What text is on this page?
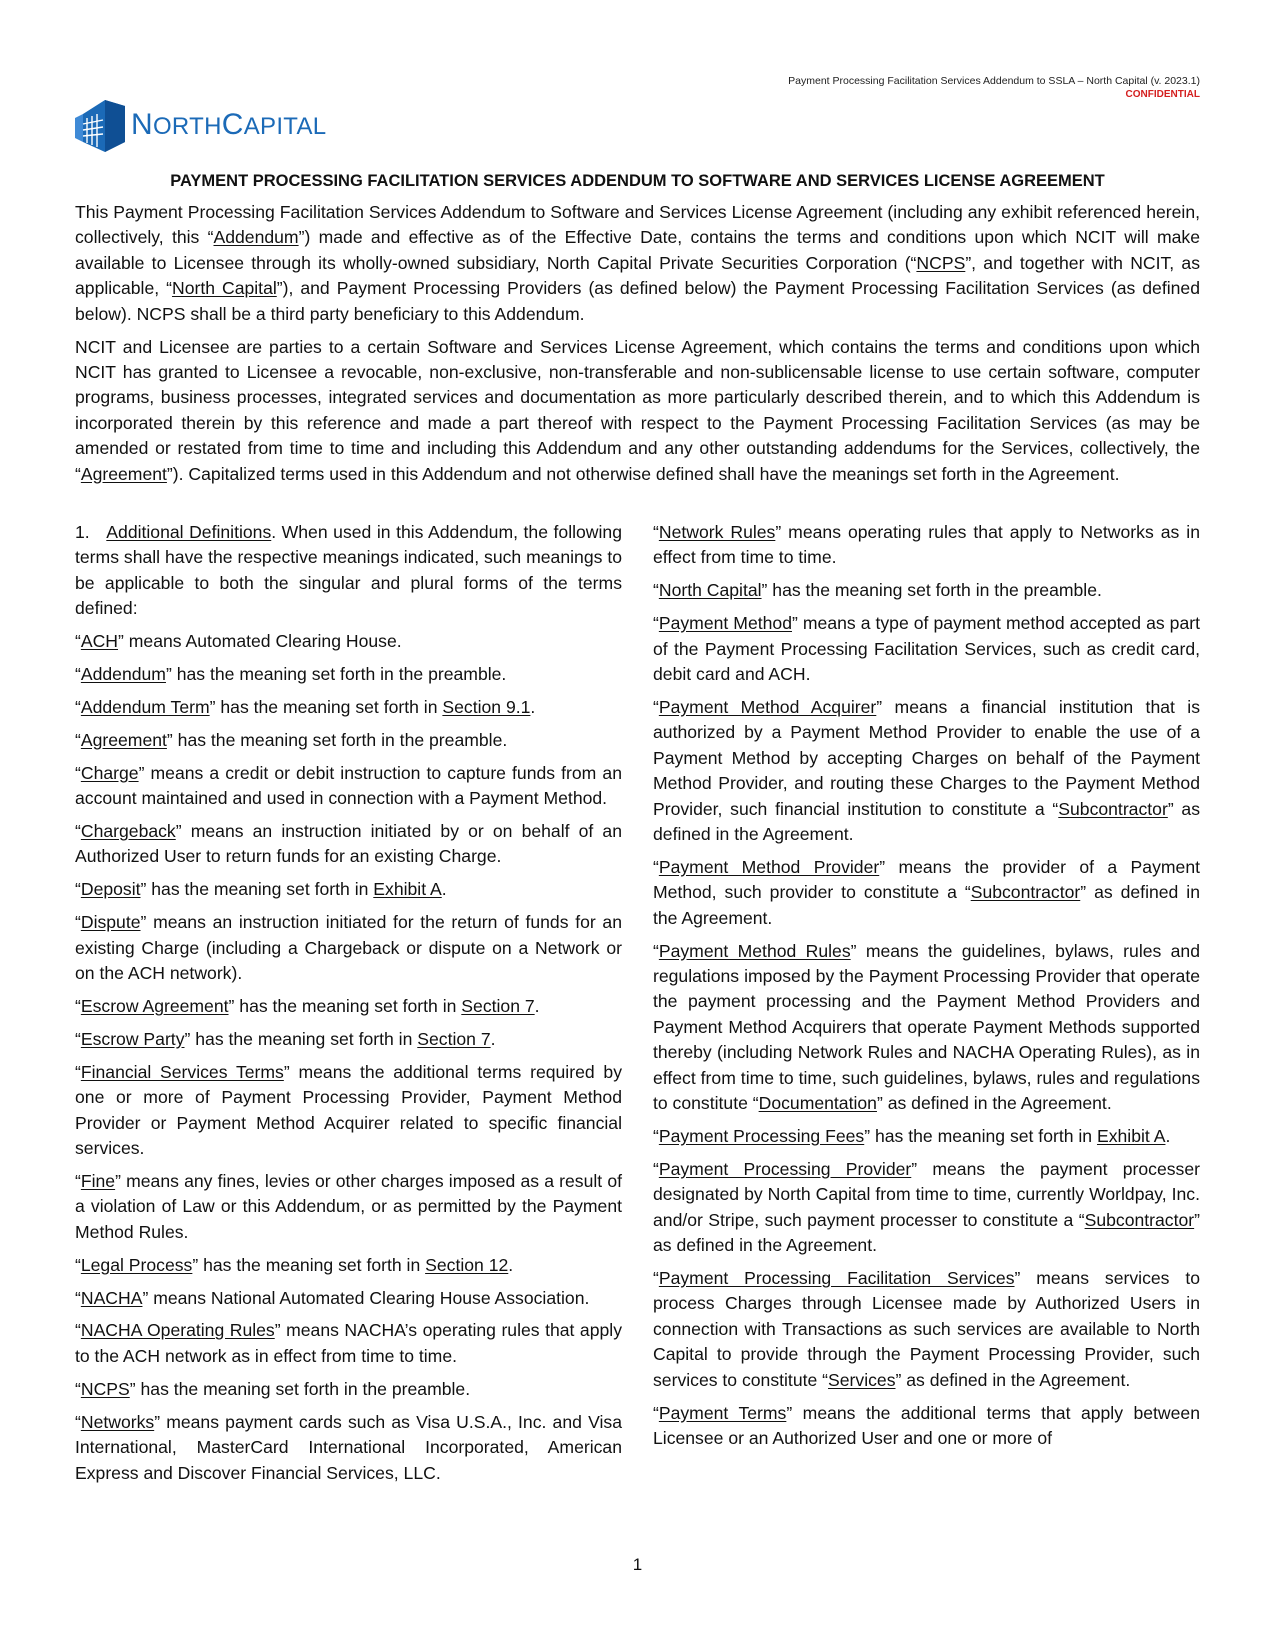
Payment Processing Facilitation Services Addendum to SSLA – North Capital (v. 2023.1)
CONFIDENTIAL
NORTHCAPITAL
PAYMENT PROCESSING FACILITATION SERVICES ADDENDUM TO SOFTWARE AND SERVICES LICENSE AGREEMENT

This Payment Processing Facilitation Services Addendum to Software and Services License Agreement (including any exhibit referenced herein, collectively, this “Addendum”) made and effective as of the Effective Date, contains the terms and conditions upon which NCIT will make available to Licensee through its wholly-owned subsidiary, North Capital Private Securities Corporation (“NCPS”, and together with NCIT, as applicable, “North Capital”), and Payment Processing Providers (as defined below) the Payment Processing Facilitation Services (as defined below). NCPS shall be a third party beneficiary to this Addendum.

NCIT and Licensee are parties to a certain Software and Services License Agreement, which contains the terms and conditions upon which NCIT has granted to Licensee a revocable, non-exclusive, non-transferable and non-sublicensable license to use certain software, computer programs, business processes, integrated services and documentation as more particularly described therein, and to which this Addendum is incorporated therein by this reference and made a part thereof with respect to the Payment Processing Facilitation Services (as may be amended or restated from time to time and including this Addendum and any other outstanding addendums for the Services, collectively, the “Agreement”). Capitalized terms used in this Addendum and not otherwise defined shall have the meanings set forth in the Agreement.

1. Additional Definitions. When used in this Addendum, the following terms shall have the respective meanings indicated, such meanings to be applicable to both the singular and plural forms of the terms defined:

“ACH” means Automated Clearing House.

“Addendum” has the meaning set forth in the preamble.

“Addendum Term” has the meaning set forth in Section 9.1.

“Agreement” has the meaning set forth in the preamble.

“Charge” means a credit or debit instruction to capture funds from an account maintained and used in connection with a Payment Method.

“Chargeback” means an instruction initiated by or on behalf of an Authorized User to return funds for an existing Charge.

“Deposit” has the meaning set forth in Exhibit A.

“Dispute” means an instruction initiated for the return of funds for an existing Charge (including a Chargeback or dispute on a Network or on the ACH network).

“Escrow Agreement” has the meaning set forth in Section 7.

“Escrow Party” has the meaning set forth in Section 7.

“Financial Services Terms” means the additional terms required by one or more of Payment Processing Provider, Payment Method Provider or Payment Method Acquirer related to specific financial services.

“Fine” means any fines, levies or other charges imposed as a result of a violation of Law or this Addendum, or as permitted by the Payment Method Rules.

“Legal Process” has the meaning set forth in Section 12.

“NACHA” means National Automated Clearing House Association.

“NACHA Operating Rules” means NACHA’s operating rules that apply to the ACH network as in effect from time to time.

“NCPS” has the meaning set forth in the preamble.

“Networks” means payment cards such as Visa U.S.A., Inc. and Visa International, MasterCard International Incorporated, American Express and Discover Financial Services, LLC.

“Network Rules” means operating rules that apply to Networks as in effect from time to time.

“North Capital” has the meaning set forth in the preamble.

“Payment Method” means a type of payment method accepted as part of the Payment Processing Facilitation Services, such as credit card, debit card and ACH.

“Payment Method Acquirer” means a financial institution that is authorized by a Payment Method Provider to enable the use of a Payment Method by accepting Charges on behalf of the Payment Method Provider, and routing these Charges to the Payment Method Provider, such financial institution to constitute a “Subcontractor” as defined in the Agreement.

“Payment Method Provider” means the provider of a Payment Method, such provider to constitute a “Subcontractor” as defined in the Agreement.

“Payment Method Rules” means the guidelines, bylaws, rules and regulations imposed by the Payment Processing Provider that operate the payment processing and the Payment Method Providers and Payment Method Acquirers that operate Payment Methods supported thereby (including Network Rules and NACHA Operating Rules), as in effect from time to time, such guidelines, bylaws, rules and regulations to constitute “Documentation” as defined in the Agreement.

“Payment Processing Fees” has the meaning set forth in Exhibit A.

“Payment Processing Provider” means the payment processer designated by North Capital from time to time, currently Worldpay, Inc. and/or Stripe, such payment processer to constitute a “Subcontractor” as defined in the Agreement.

“Payment Processing Facilitation Services” means services to process Charges through Licensee made by Authorized Users in connection with Transactions as such services are available to North Capital to provide through the Payment Processing Provider, such services to constitute “Services” as defined in the Agreement.

“Payment Terms” means the additional terms that apply between Licensee or an Authorized User and one or more of

1
